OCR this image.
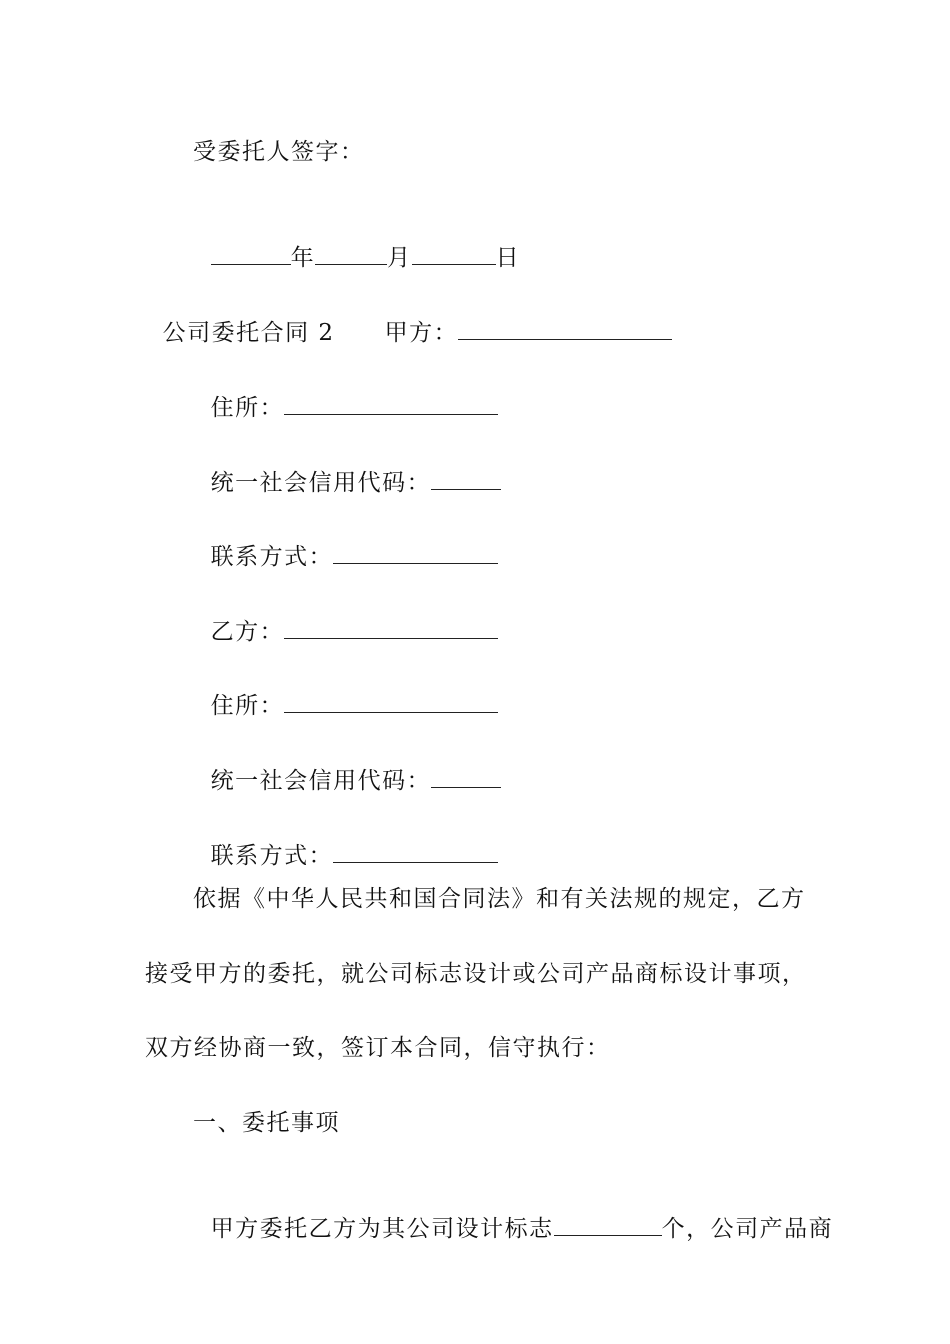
受委托人签字：

年	月	日

公司委托合同 2 甲方：

住所：

统一社会信用代码：

联系方式：

乙方：

住所：

统一社会信用代码：

联系方式：

依据《中华人民共和国合同法》和有关法规的规定，乙方
接受甲方的委托，就公司标志设计或公司产品商标设计事项，
双方经协商一致，签订本合同，信守执行：
一、委托事项

甲方委托乙方为其公司设计标志	个，公司产品商
